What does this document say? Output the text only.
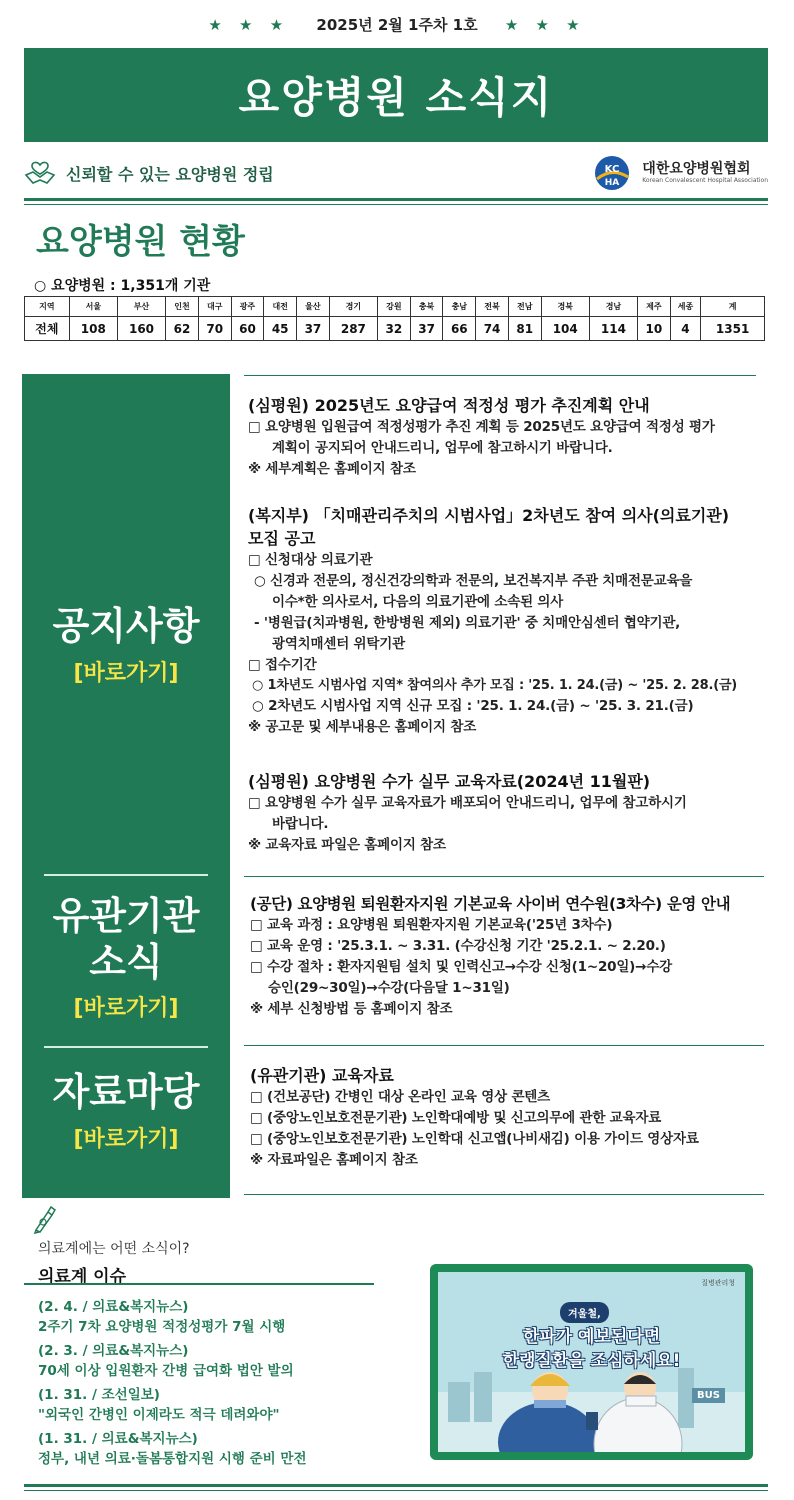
★ ★ ★ 2025년 2월 1주차 1호 ★ ★ ★
요양병원 소식지
신뢰할 수 있는 요양병원 정립	KC
HA
대한요양병원협회
Korean Convalescent Hospital Association
요양병원 현황
○ 요양병원 : 1,351개 기관
지역	서울	부산	인천	대구	광주	대전	울산	경기	강원	충북	충남	전북	전남	경북	경남	제주	세종	계
전체	108	160	62	70	60	45	37	287	32	37	66	74	81	104	114	10	4	1351
공지사항
[바로가기]
유관기관
소식
[바로가기]
자료마당
[바로가기]
(심평원) 2025년도 요양급여 적정성 평가 추진계획 안내
□ 요양병원 입원급여 적정성평가 추진 계획 등 2025년도 요양급여 적정성 평가
계획이 공지되어 안내드리니, 업무에 참고하시기 바랍니다.
※ 세부계획은 홈페이지 참조
(복지부) 「치매관리주치의 시범사업」2차년도 참여 의사(의료기관)
모집 공고
□ 신청대상 의료기관
○ 신경과 전문의, 정신건강의학과 전문의, 보건복지부 주관 치매전문교육을
이수*한 의사로서, 다음의 의료기관에 소속된 의사
- '병원급(치과병원, 한방병원 제외) 의료기관' 중 치매안심센터 협약기관,
광역치매센터 위탁기관
□ 접수기간
○ 1차년도 시범사업 지역* 참여의사 추가 모집 : '25. 1. 24.(금) ~ '25. 2. 28.(금)
○ 2차년도 시범사업 지역 신규 모집 : '25. 1. 24.(금) ~ '25. 3. 21.(금)
※ 공고문 및 세부내용은 홈페이지 참조
(심평원) 요양병원 수가 실무 교육자료(2024년 11월판)
□ 요양병원 수가 실무 교육자료가 배포되어 안내드리니, 업무에 참고하시기
바랍니다.
※ 교육자료 파일은 홈페이지 참조
(공단) 요양병원 퇴원환자지원 기본교육 사이버 연수원(3차수) 운영 안내
□ 교육 과정 : 요양병원 퇴원환자지원 기본교육('25년 3차수)
□ 교육 운영 : '25.3.1. ~ 3.31. (수강신청 기간 '25.2.1. ~ 2.20.)
□ 수강 절차 : 환자지원팀 설치 및 인력신고→수강 신청(1~20일)→수강
승인(29~30일)→수강(다음달 1~31일)
※ 세부 신청방법 등 홈페이지 참조
(유관기관) 교육자료
□ (건보공단) 간병인 대상 온라인 교육 영상 콘텐츠
□ (중앙노인보호전문기관) 노인학대예방 및 신고의무에 관한 교육자료
□ (중앙노인보호전문기관) 노인학대 신고앱(나비새김) 이용 가이드 영상자료
※ 자료파일은 홈페이지 참조
의료계에는 어떤 소식이?
의료계 이슈
(2. 4. / 의료&복지뉴스)
2주기 7차 요양병원 적정성평가 7월 시행
(2. 3. / 의료&복지뉴스)
70세 이상 입원환자 간병 급여화 법안 발의
(1. 31. / 조선일보)
"외국인 간병인 이제라도 적극 데려와야"
(1. 31. / 의료&복지뉴스)
정부, 내년 의료·돌봄통합지원 시행 준비 만전
질병관리청
겨울철,
한파가 예보된다면
한랭질환을 조심하세요!
BUS
